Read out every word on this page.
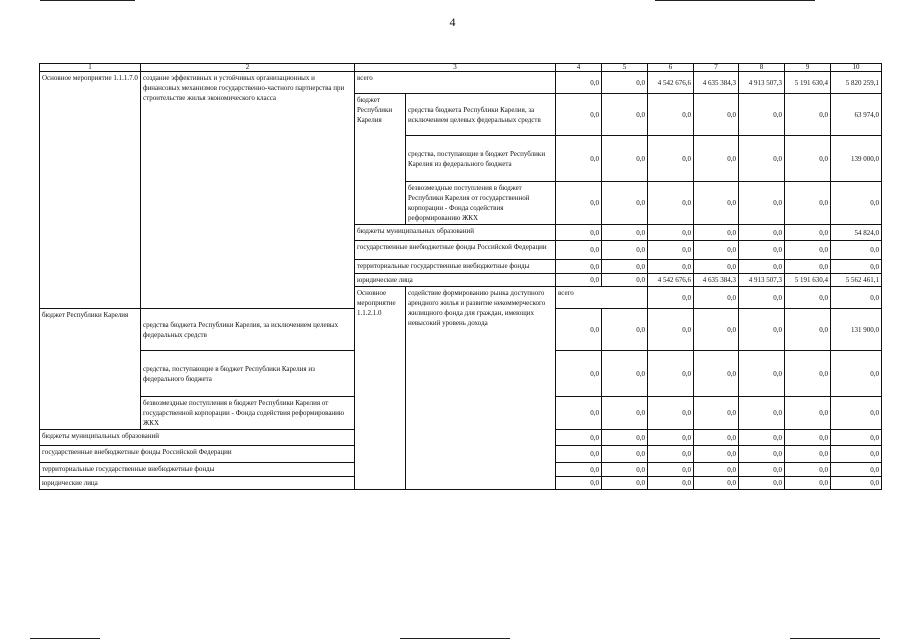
4
1	2	3		4	5	6	7	8	9	10	
Основное мероприятие 1.1.1.7.0	создание эффективных и устойчивых организационных и финансовых механизмов государственно-частного партнерства при строительстве жилья экономического класса	всего		0,0	0,0	4 542 676,6	4 635 384,3	4 913 507,3	5 191 630,4	5 820 259,1	
		бюджет Республики Карелия	средства бюджета Республики Карелия, за исключением целевых федеральных средств	0,0	0,0	0,0	0,0	0,0	0,0	63 974,0	
			средства, поступающие в бюджет Республики Карелия из федерального бюджета	0,0	0,0	0,0	0,0	0,0	0,0	139 000,0	
			безвозмездные поступления в бюджет Республики Карелия от государственной корпорации - Фонда содействия реформированию ЖКХ	0,0	0,0	0,0	0,0	0,0	0,0	0,0	
		бюджеты муниципальных образований		0,0	0,0	0,0	0,0	0,0	0,0	54 824,0	
		государственные внебюджетные фонды Российской Федерации		0,0	0,0	0,0	0,0	0,0	0,0	0,0	
		территориальные государственные внебюджетные фонды		0,0	0,0	0,0	0,0	0,0	0,0	0,0	
		юридические лица		0,0	0,0	4 542 676,6	4 635 384,3	4 913 507,3	5 191 630,4	5 562 461,1	
		Основное мероприятие 1.1.2.1.0	содействие формированию рынка доступного арендного жилья и развитие некоммерческого жилищного фонда для граждан, имеющих невысокий уровень дохода	всего		0,0	0,0	0,0	0,0	0,0		
бюджет Республики Карелия	средства бюджета Республики Карелия, за исключением целевых федеральных средств			0,0	0,0	0,0	0,0	0,0	0,0	131 900,0	
	средства, поступающие в бюджет Республики Карелия из федерального бюджета			0,0	0,0	0,0	0,0	0,0	0,0	0,0	
	безвозмездные поступления в бюджет Республики Карелия от государственной корпорации - Фонда содействия реформированию ЖКХ			0,0	0,0	0,0	0,0	0,0	0,0	0,0	
бюджеты муниципальных образований				0,0	0,0	0,0	0,0	0,0	0,0	0,0	
государственные внебюджетные фонды Российской Федерации				0,0	0,0	0,0	0,0	0,0	0,0	0,0	
территориальные государственные внебюджетные фонды				0,0	0,0	0,0	0,0	0,0	0,0	0,0	
юридические лица				0,0	0,0	0,0	0,0	0,0	0,0	0,0	
